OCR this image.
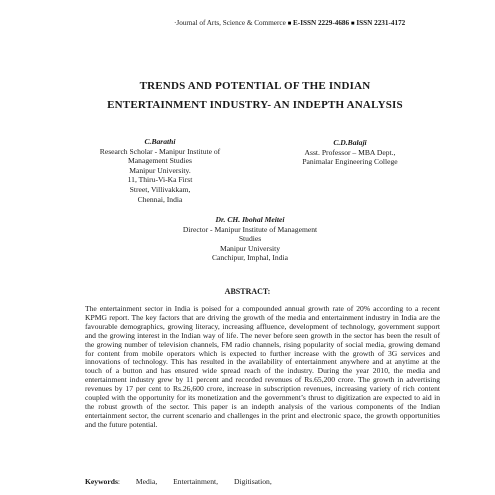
·Journal of Arts, Science & Commerce ■ E-ISSN 2229-4686 ■ ISSN 2231-4172
TRENDS AND POTENTIAL OF THE INDIAN
ENTERTAINMENT INDUSTRY- AN INDEPTH ANALYSIS
C.Barathi
Research Scholar - Manipur Institute of
Management Studies
Manipur University.
11, Thiru-Vi-Ka First
Street, Villivakkam,
Chennai, India
C.D.Balaji
Asst. Professor – MBA Dept.,
Panimalar Engineering College
Dr. CH. Ibohal Meitei
Director - Manipur Institute of Management
Studies
Manipur University
Canchipur, Imphal, India
ABSTRACT:

The entertainment sector in India is poised for a compounded annual growth rate of 20% according to a recent KPMG report. The key factors that are driving the growth of the media and entertainment industry in India are the favourable demographics, growing literacy, increasing affluence, development of technology, government support and the growing interest in the Indian way of life. The never before seen growth in the sector has been the result of the growing number of television channels, FM radio channels, rising popularity of social media, growing demand for content from mobile operators which is expected to further increase with the growth of 3G services and innovations of technology. This has resulted in the availability of entertainment anywhere and at anytime at the touch of a button and has ensured wide spread reach of the industry. During the year 2010, the media and entertainment industry grew by 11 percent and recorded revenues of Rs.65,200 crore. The growth in advertising revenues by 17 per cent to Rs.26,600 crore, increase in subscription revenues, increasing variety of rich content coupled with the opportunity for its monetization and the government’s thrust to digitization are expected to aid in the robust growth of the sector. This paper is an indepth analysis of the various components of the Indian entertainment sector, the current scenario and challenges in the print and electronic space, the growth opportunities and the future potential.

Keywords: Media, Entertainment, Digitisation,
